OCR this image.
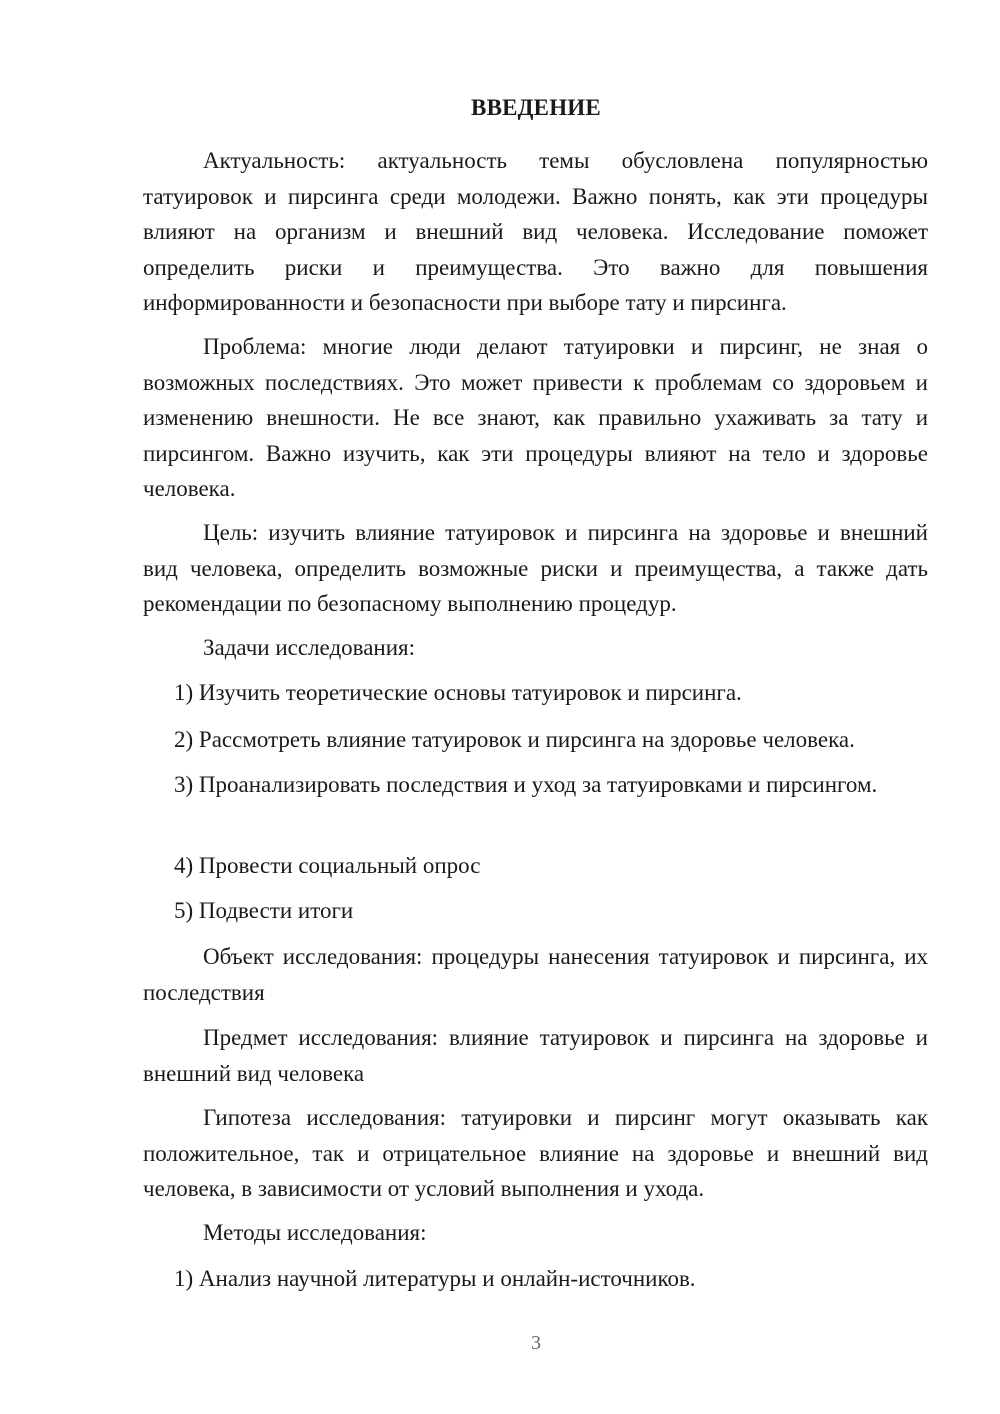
ВВЕДЕНИЕ

Актуальность: актуальность темы обусловлена популярностью татуировок и пирсинга среди молодежи. Важно понять, как эти процедуры влияют на организм и внешний вид человека. Исследование поможет определить риски и преимущества. Это важно для повышения информированности и безопасности при выборе тату и пирсинга.

Проблема: многие люди делают татуировки и пирсинг, не зная о возможных последствиях. Это может привести к проблемам со здоровьем и изменению внешности. Не все знают, как правильно ухаживать за тату и пирсингом. Важно изучить, как эти процедуры влияют на тело и здоровье человека.

Цель: изучить влияние татуировок и пирсинга на здоровье и внешний вид человека, определить возможные риски и преимущества, а также дать рекомендации по безопасному выполнению процедур.

Задачи исследования:

1) Изучить теоретические основы татуировок и пирсинга.

2) Рассмотреть влияние татуировок и пирсинга на здоровье человека.

3) Проанализировать последствия и уход за татуировками и пирсингом.

4) Провести социальный опрос

5) Подвести итоги

Объект исследования: процедуры нанесения татуировок и пирсинга, их последствия

Предмет исследования: влияние татуировок и пирсинга на здоровье и внешний вид человека

Гипотеза исследования: татуировки и пирсинг могут оказывать как положительное, так и отрицательное влияние на здоровье и внешний вид человека, в зависимости от условий выполнения и ухода.

Методы исследования:

1) Анализ научной литературы и онлайн-источников.

3
